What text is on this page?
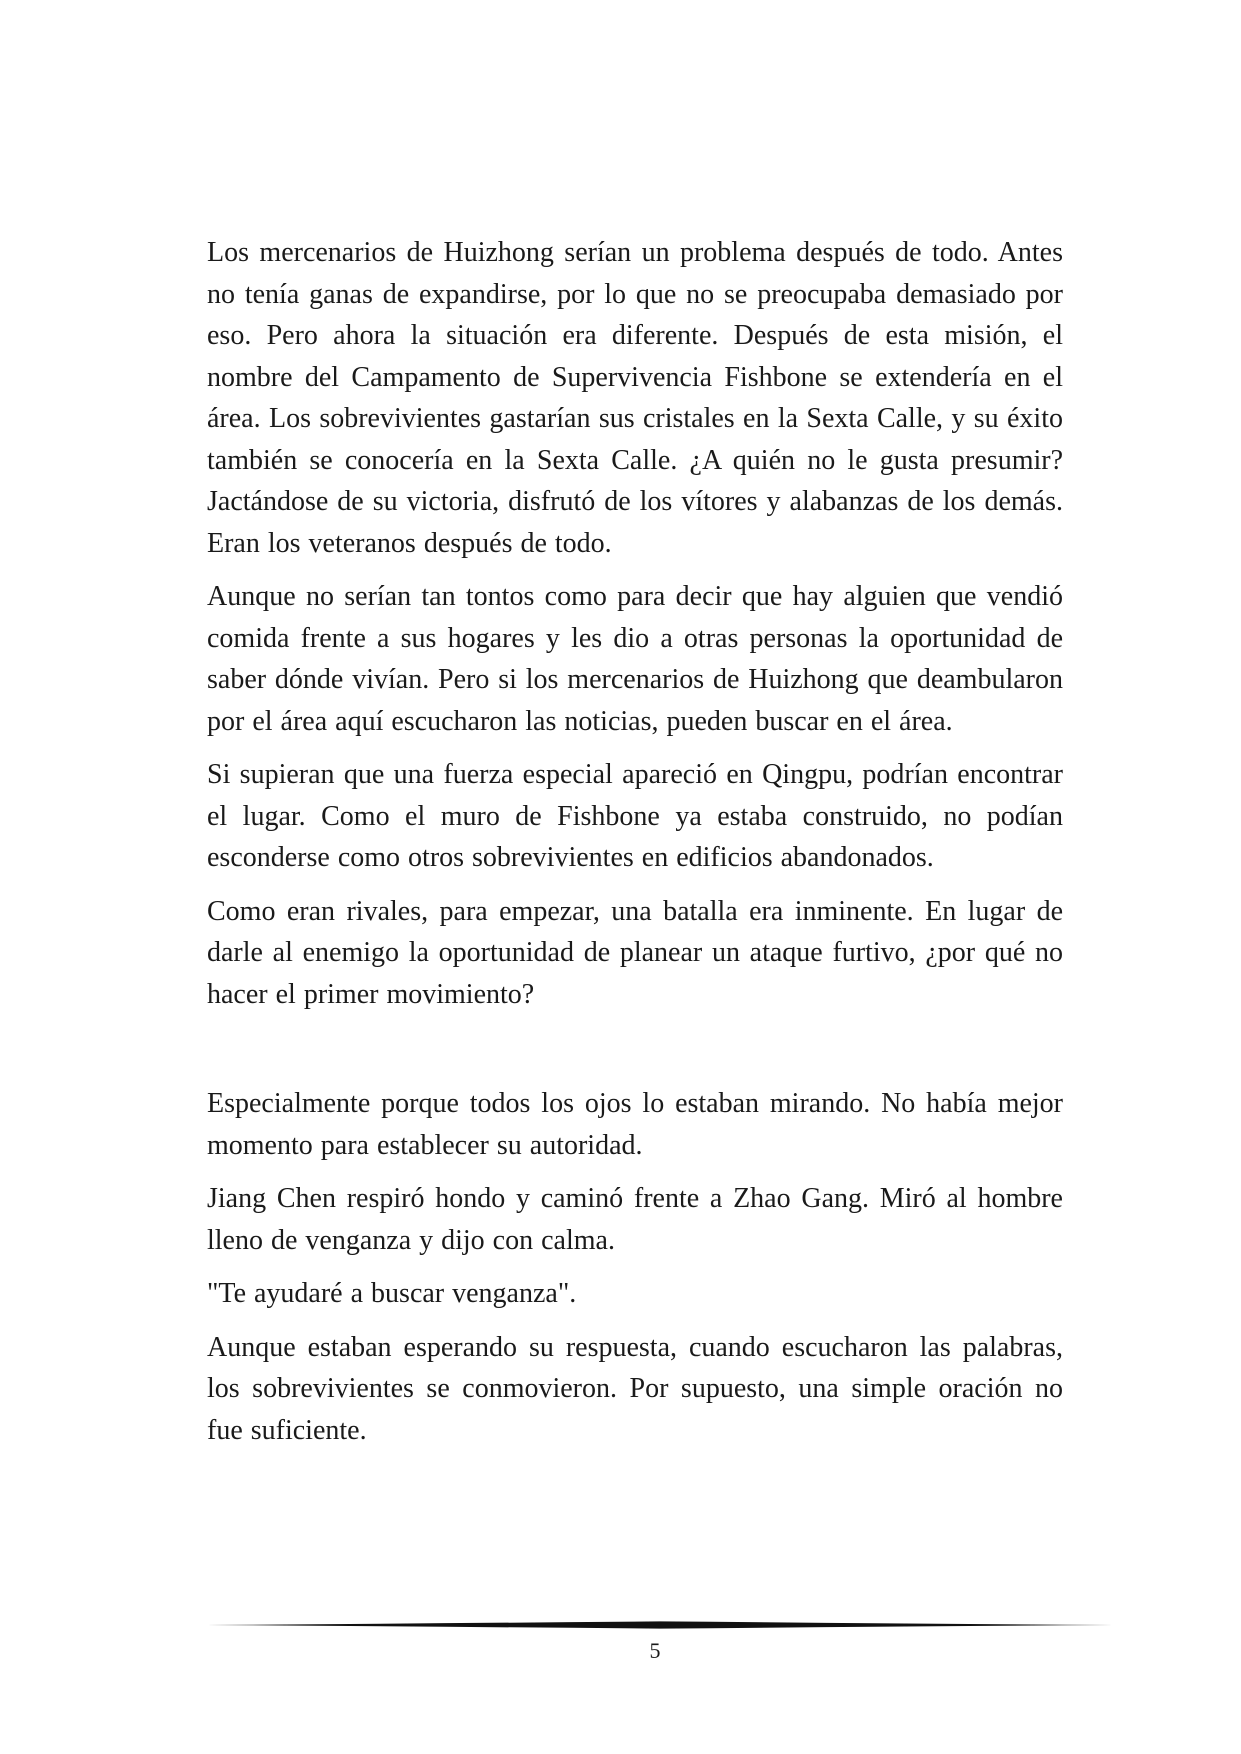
Los mercenarios de Huizhong serían un problema después de todo. Antes no tenía ganas de expandirse, por lo que no se preocupaba demasiado por eso. Pero ahora la situación era diferente. Después de esta misión, el nombre del Campamento de Supervivencia Fishbone se extendería en el área. Los sobrevivientes gastarían sus cristales en la Sexta Calle, y su éxito también se conocería en la Sexta Calle. ¿A quién no le gusta presumir? Jactándose de su victoria, disfrutó de los vítores y alabanzas de los demás. Eran los veteranos después de todo.

Aunque no serían tan tontos como para decir que hay alguien que vendió comida frente a sus hogares y les dio a otras personas la oportunidad de saber dónde vivían. Pero si los mercenarios de Huizhong que deambularon por el área aquí escucharon las noticias, pueden buscar en el área.

Si supieran que una fuerza especial apareció en Qingpu, podrían encontrar el lugar. Como el muro de Fishbone ya estaba construido, no podían esconderse como otros sobrevivientes en edificios abandonados.

Como eran rivales, para empezar, una batalla era inminente. En lugar de darle al enemigo la oportunidad de planear un ataque furtivo, ¿por qué no hacer el primer movimiento?

Especialmente porque todos los ojos lo estaban mirando. No había mejor momento para establecer su autoridad.

Jiang Chen respiró hondo y caminó frente a Zhao Gang. Miró al hombre lleno de venganza y dijo con calma.

"Te ayudaré a buscar venganza".

Aunque estaban esperando su respuesta, cuando escucharon las palabras, los sobrevivientes se conmovieron. Por supuesto, una simple oración no fue suficiente.

5
